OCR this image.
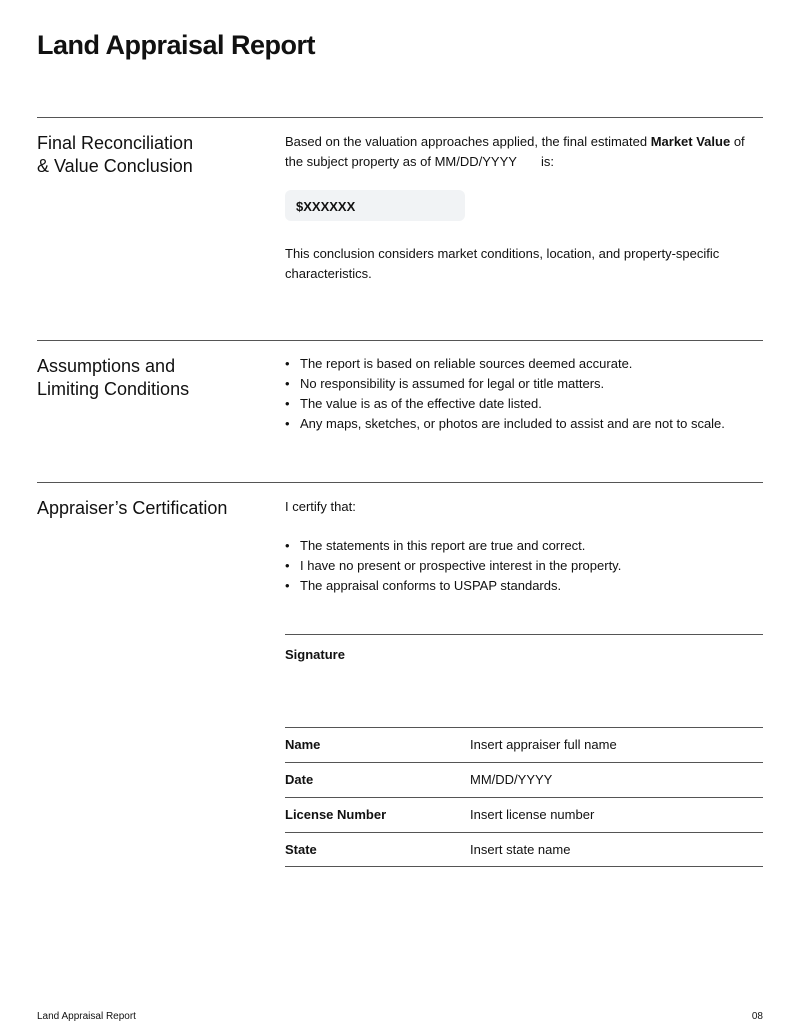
Land Appraisal Report
Final Reconciliation
& Value Conclusion

Based on the valuation approaches applied, the final estimated Market Value of the subject property as of MM/DD/YYYY is:

$XXXXXX

This conclusion considers market conditions, location, and property-specific characteristics.

Assumptions and
Limiting Conditions
• The report is based on reliable sources deemed accurate.
• No responsibility is assumed for legal or title matters.
• The value is as of the effective date listed.
• Any maps, sketches, or photos are included to assist and are not to scale.
Appraiser’s Certification	I certify that:

• The statements in this report are true and correct.
• I have no present or prospective interest in the property.
• The appraisal conforms to USPAP standards.
Signature
Name	Insert appraiser full name
Date	MM/DD/YYYY
License Number	Insert license number
State	Insert state name
Land Appraisal Report	08
